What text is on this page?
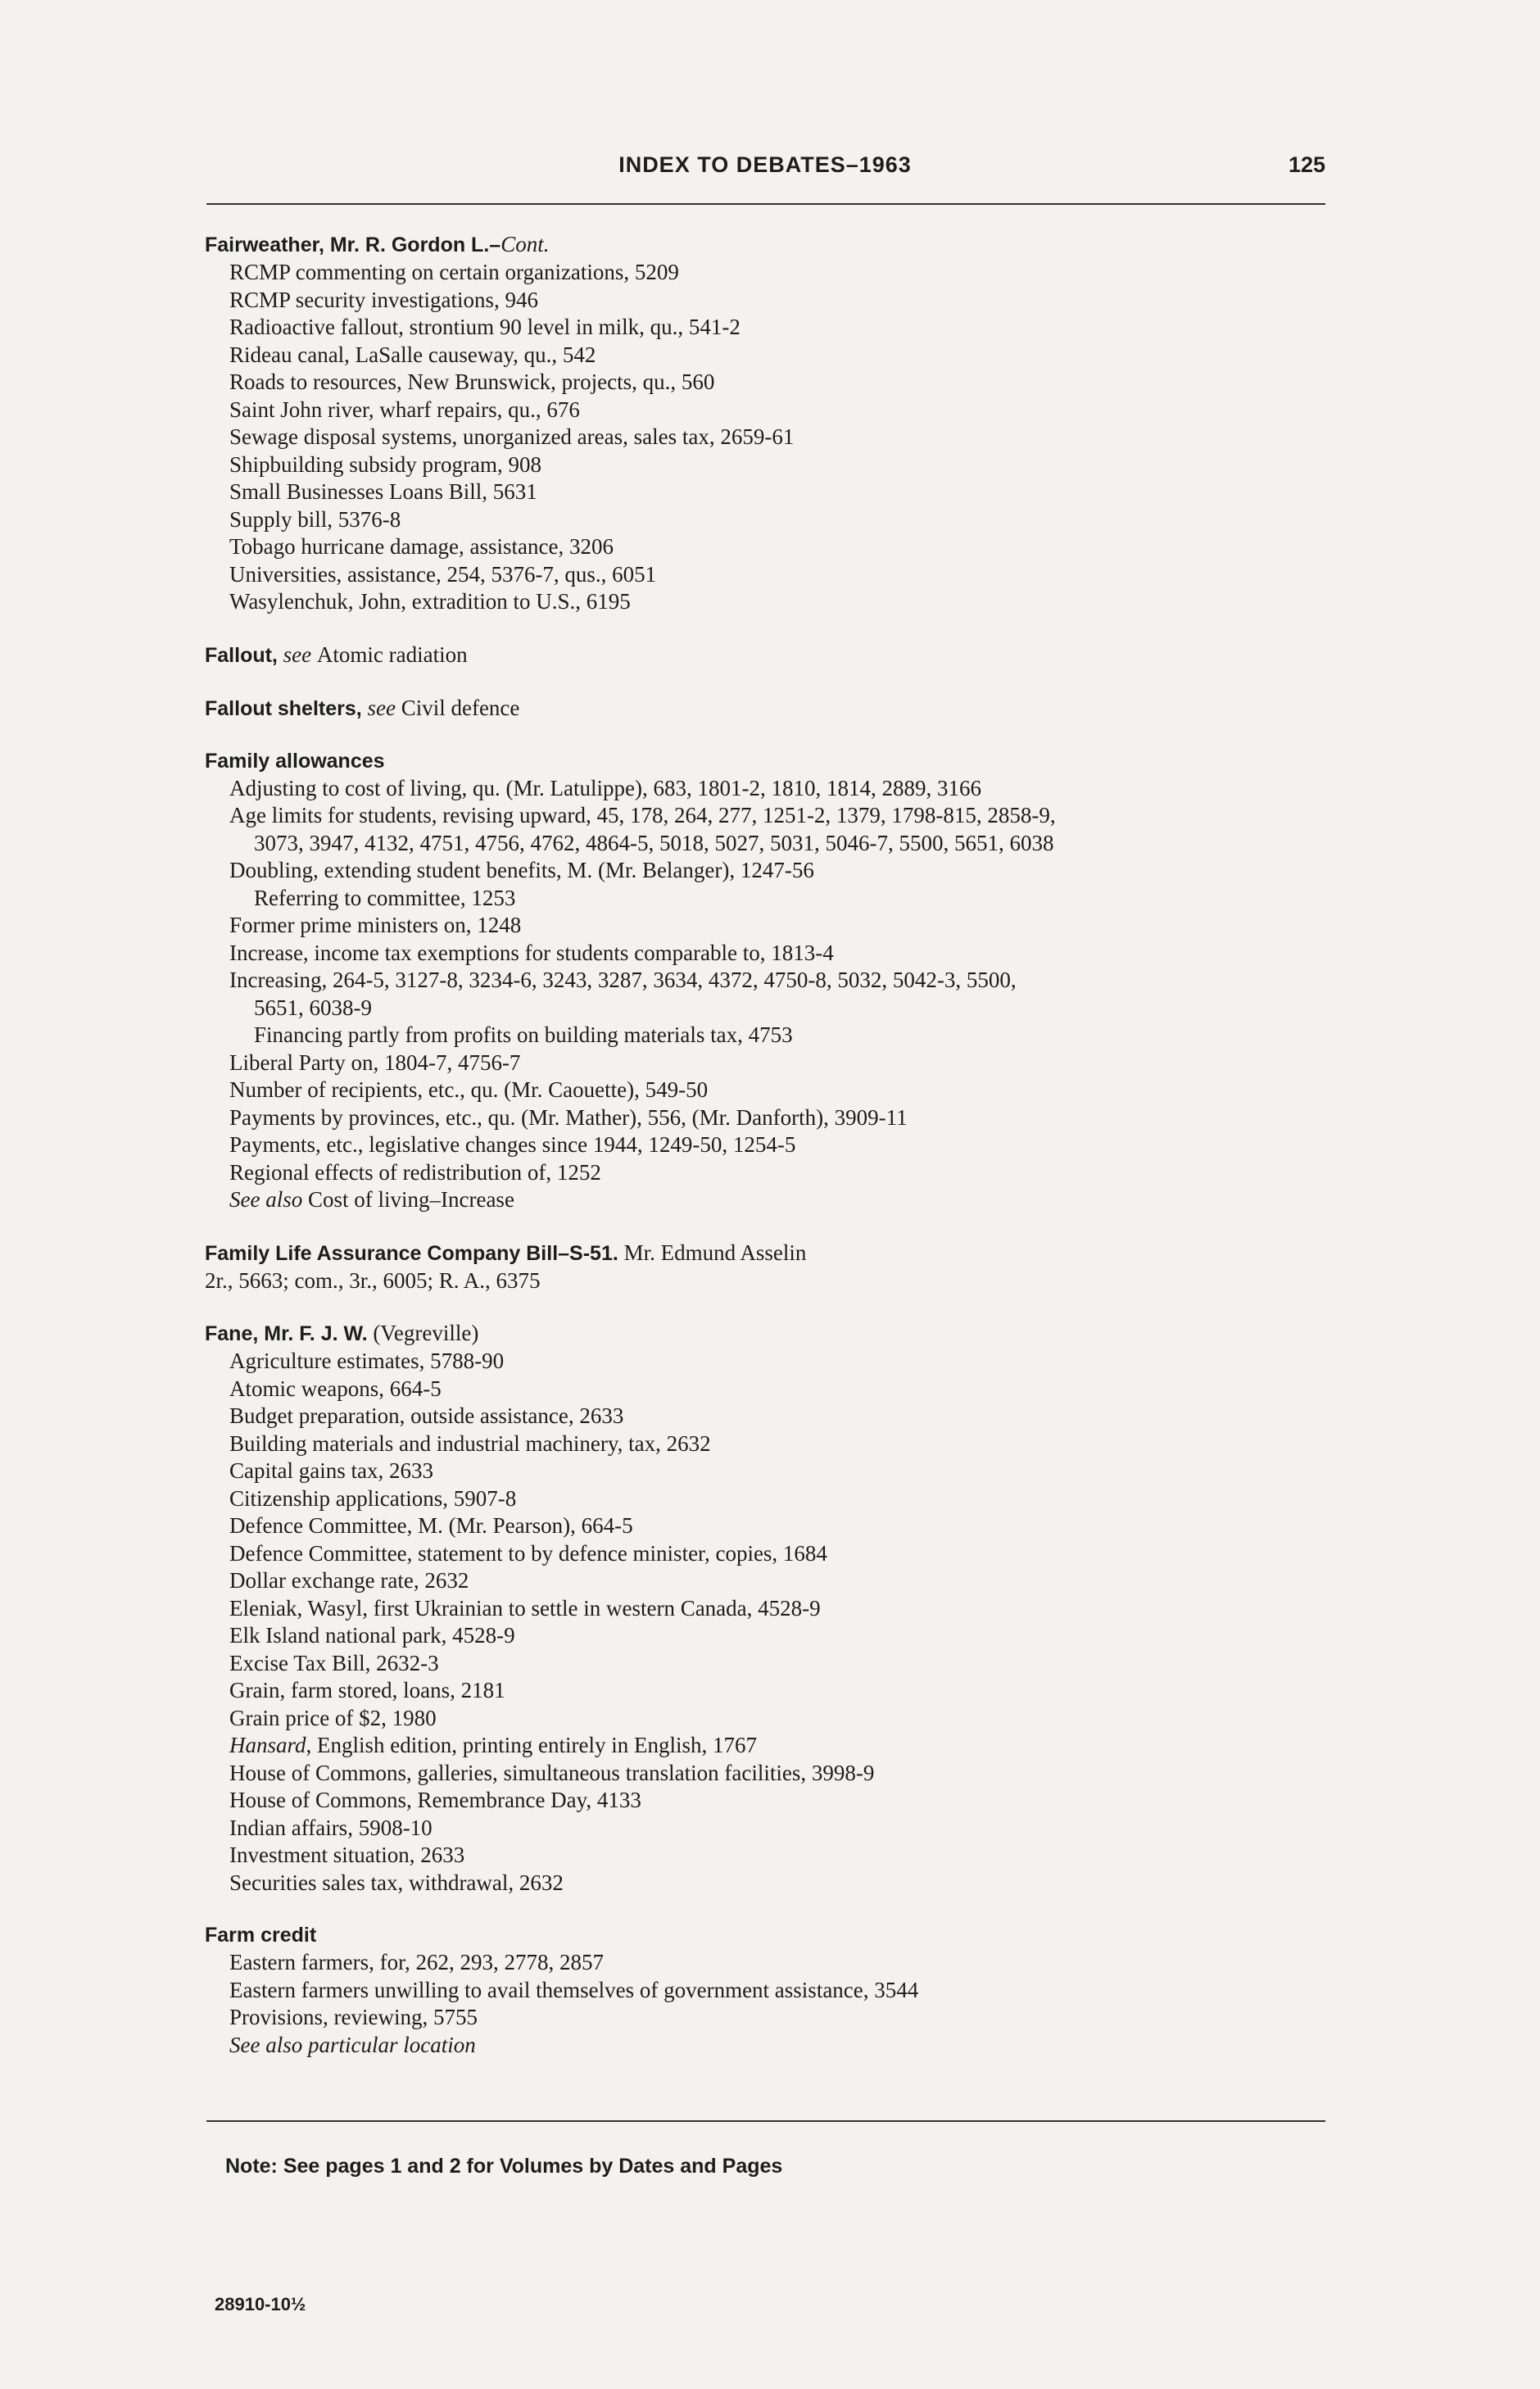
INDEX TO DEBATES–1963	125
Fairweather, Mr. R. Gordon L.–Cont.
RCMP commenting on certain organizations, 5209
RCMP security investigations, 946
Radioactive fallout, strontium 90 level in milk, qu., 541-2
Rideau canal, LaSalle causeway, qu., 542
Roads to resources, New Brunswick, projects, qu., 560
Saint John river, wharf repairs, qu., 676
Sewage disposal systems, unorganized areas, sales tax, 2659-61
Shipbuilding subsidy program, 908
Small Businesses Loans Bill, 5631
Supply bill, 5376-8
Tobago hurricane damage, assistance, 3206
Universities, assistance, 254, 5376-7, qus., 6051
Wasylenchuk, John, extradition to U.S., 6195
Fallout, see Atomic radiation
Fallout shelters, see Civil defence
Family allowances
Adjusting to cost of living, qu. (Mr. Latulippe), 683, 1801-2, 1810, 1814, 2889, 3166
Age limits for students, revising upward, 45, 178, 264, 277, 1251-2, 1379, 1798-815, 2858-9,
3073, 3947, 4132, 4751, 4756, 4762, 4864-5, 5018, 5027, 5031, 5046-7, 5500, 5651, 6038
Doubling, extending student benefits, M. (Mr. Belanger), 1247-56
Referring to committee, 1253
Former prime ministers on, 1248
Increase, income tax exemptions for students comparable to, 1813-4
Increasing, 264-5, 3127-8, 3234-6, 3243, 3287, 3634, 4372, 4750-8, 5032, 5042-3, 5500,
5651, 6038-9
Financing partly from profits on building materials tax, 4753
Liberal Party on, 1804-7, 4756-7
Number of recipients, etc., qu. (Mr. Caouette), 549-50
Payments by provinces, etc., qu. (Mr. Mather), 556, (Mr. Danforth), 3909-11
Payments, etc., legislative changes since 1944, 1249-50, 1254-5
Regional effects of redistribution of, 1252
See also Cost of living–Increase
Family Life Assurance Company Bill–S-51. Mr. Edmund Asselin
2r., 5663; com., 3r., 6005; R. A., 6375
Fane, Mr. F. J. W. (Vegreville)
Agriculture estimates, 5788-90
Atomic weapons, 664-5
Budget preparation, outside assistance, 2633
Building materials and industrial machinery, tax, 2632
Capital gains tax, 2633
Citizenship applications, 5907-8
Defence Committee, M. (Mr. Pearson), 664-5
Defence Committee, statement to by defence minister, copies, 1684
Dollar exchange rate, 2632
Eleniak, Wasyl, first Ukrainian to settle in western Canada, 4528-9
Elk Island national park, 4528-9
Excise Tax Bill, 2632-3
Grain, farm stored, loans, 2181
Grain price of $2, 1980
Hansard, English edition, printing entirely in English, 1767
House of Commons, galleries, simultaneous translation facilities, 3998-9
House of Commons, Remembrance Day, 4133
Indian affairs, 5908-10
Investment situation, 2633
Securities sales tax, withdrawal, 2632
Farm credit
Eastern farmers, for, 262, 293, 2778, 2857
Eastern farmers unwilling to avail themselves of government assistance, 3544
Provisions, reviewing, 5755
See also particular location
Note: See pages 1 and 2 for Volumes by Dates and Pages
28910-10½
